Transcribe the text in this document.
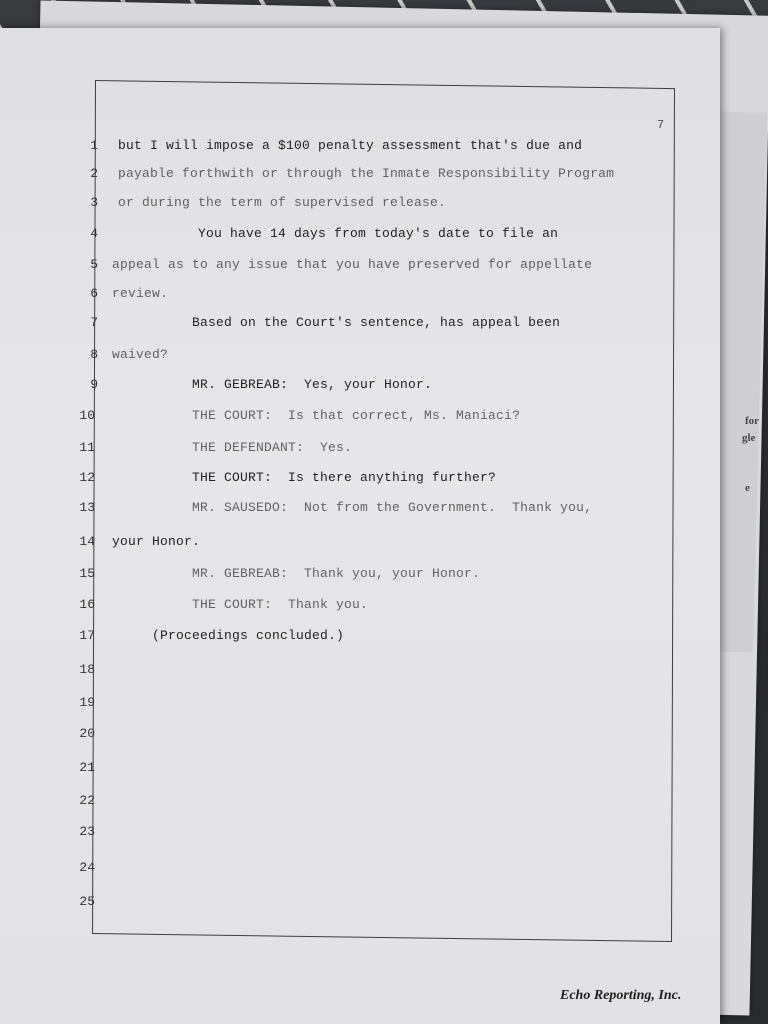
for
gle
e
7
1 but I will impose a $100 penalty assessment that's due and
2 payable forthwith or through the Inmate Responsibility Program
3 or during the term of supervised release.
4 You have 14 days from today's date to file an
5 appeal as to any issue that you have preserved for appellate
6 review.
7 Based on the Court's sentence, has appeal been
8 waived?
9 MR. GEBREAB:  Yes, your Honor.
10 THE COURT:  Is that correct, Ms. Maniaci?
11 THE DEFENDANT:  Yes.
12 THE COURT:  Is there anything further?
13 MR. SAUSEDO:  Not from the Government.  Thank you,
14 your Honor.
15 MR. GEBREAB:  Thank you, your Honor.
16 THE COURT:  Thank you.
17 (Proceedings concluded.)
18
19
20
21
22
23
24
25
Echo Reporting, Inc.
